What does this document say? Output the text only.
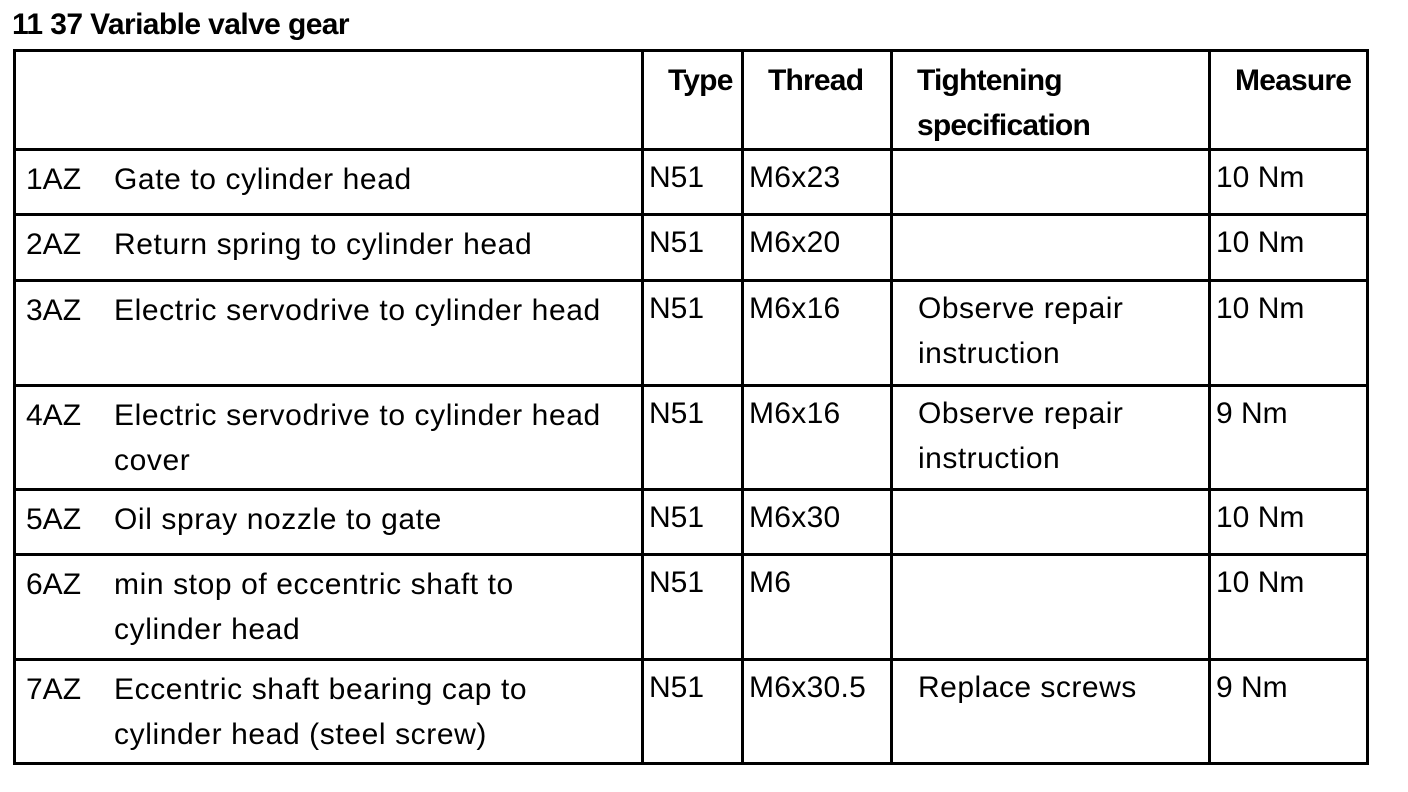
11 37 Variable valve gear

	Type	Thread	Tightening specification	Measure

1AZ Gate to cylinder head	N51	M6x23		10 Nm

2AZ Return spring to cylinder head	N51	M6x20		10 Nm

3AZ Electric servodrive to cylinder head	N51	M6x16	Observe repair instruction	10 Nm

4AZ Electric servodrive to cylinder head cover	N51	M6x16	Observe repair instruction	9 Nm

5AZ Oil spray nozzle to gate	N51	M6x30		10 Nm

6AZ min stop of eccentric shaft to cylinder head	N51	M6		10 Nm

7AZ Eccentric shaft bearing cap to cylinder head (steel screw)	N51	M6x30.5	Replace screws	9 Nm
